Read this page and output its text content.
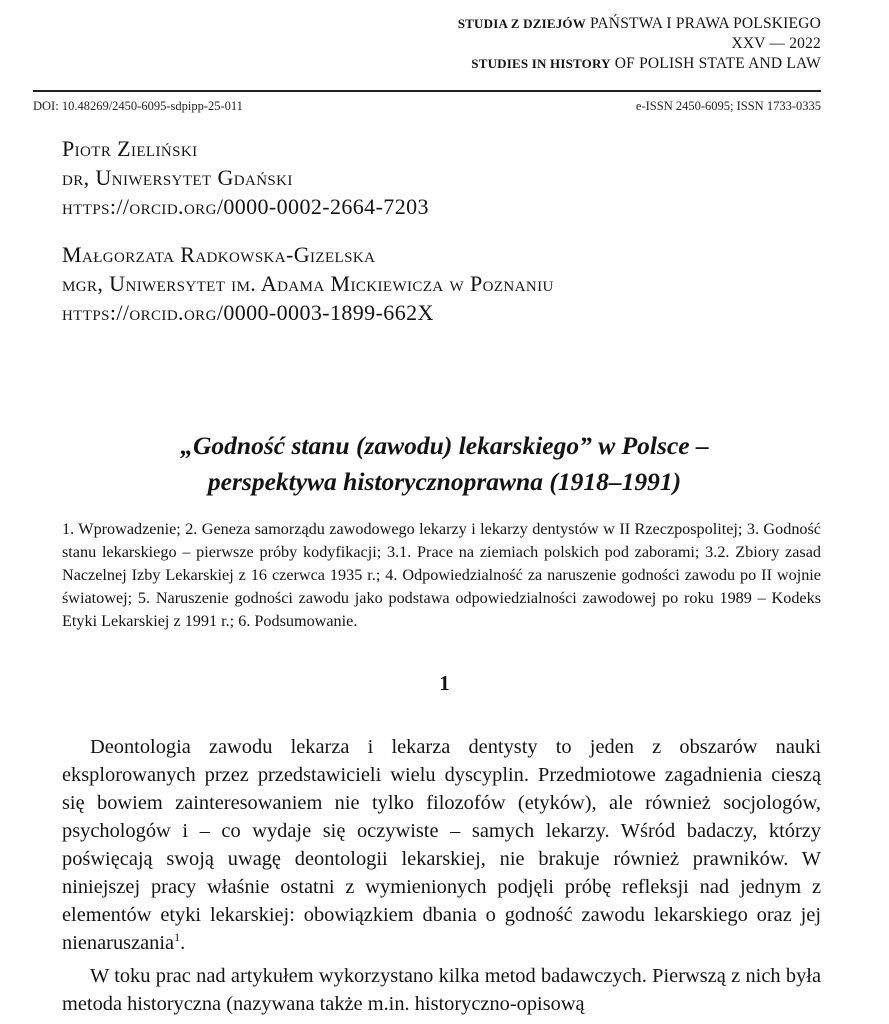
STUDIA Z DZIEJÓW PAŃSTWA I PRAWA POLSKIEGO
XXV — 2022
STUDIES IN HISTORY OF POLISH STATE AND LAW
DOI: 10.48269/2450-6095-sdpipp-25-011	e-ISSN 2450-6095; ISSN 1733-0335
Piotr Zieliński
dr, Uniwersytet Gdański
https://orcid.org/0000-0002-2664-7203
Małgorzata Radkowska-Gizelska
mgr, Uniwersytet im. Adama Mickiewicza w Poznaniu
https://orcid.org/0000-0003-1899-662X
„Godność stanu (zawodu) lekarskiego” w Polsce –
perspektywa historycznoprawna (1918–1991)
1. Wprowadzenie; 2. Geneza samorządu zawodowego lekarzy i lekarzy dentystów w II Rzeczpospolitej; 3. Godność stanu lekarskiego – pierwsze próby kodyfikacji; 3.1. Prace na ziemiach polskich pod zaborami; 3.2. Zbiory zasad Naczelnej Izby Lekarskiej z 16 czerwca 1935 r.; 4. Odpowiedzialność za naruszenie godności zawodu po II wojnie światowej; 5. Naruszenie godności zawodu jako podstawa odpowiedzialności zawodowej po roku 1989 – Kodeks Etyki Lekarskiej z 1991 r.; 6. Podsumowanie.
1

Deontologia zawodu lekarza i lekarza dentysty to jeden z obszarów nauki eksplorowanych przez przedstawicieli wielu dyscyplin. Przedmiotowe zagadnienia cieszą się bowiem zainteresowaniem nie tylko filozofów (etyków), ale również socjologów, psychologów i – co wydaje się oczywiste – samych lekarzy. Wśród badaczy, którzy poświęcają swoją uwagę deontologii lekarskiej, nie brakuje również prawników. W niniejszej pracy właśnie ostatni z wymienionych podjęli próbę refleksji nad jednym z elementów etyki lekarskiej: obowiązkiem dbania o godność zawodu lekarskiego oraz jej nienaruszania$^1$.

W toku prac nad artykułem wykorzystano kilka metod badawczych. Pierwszą z nich była metoda historyczna (nazywana także m.in. historyczno-opisową
